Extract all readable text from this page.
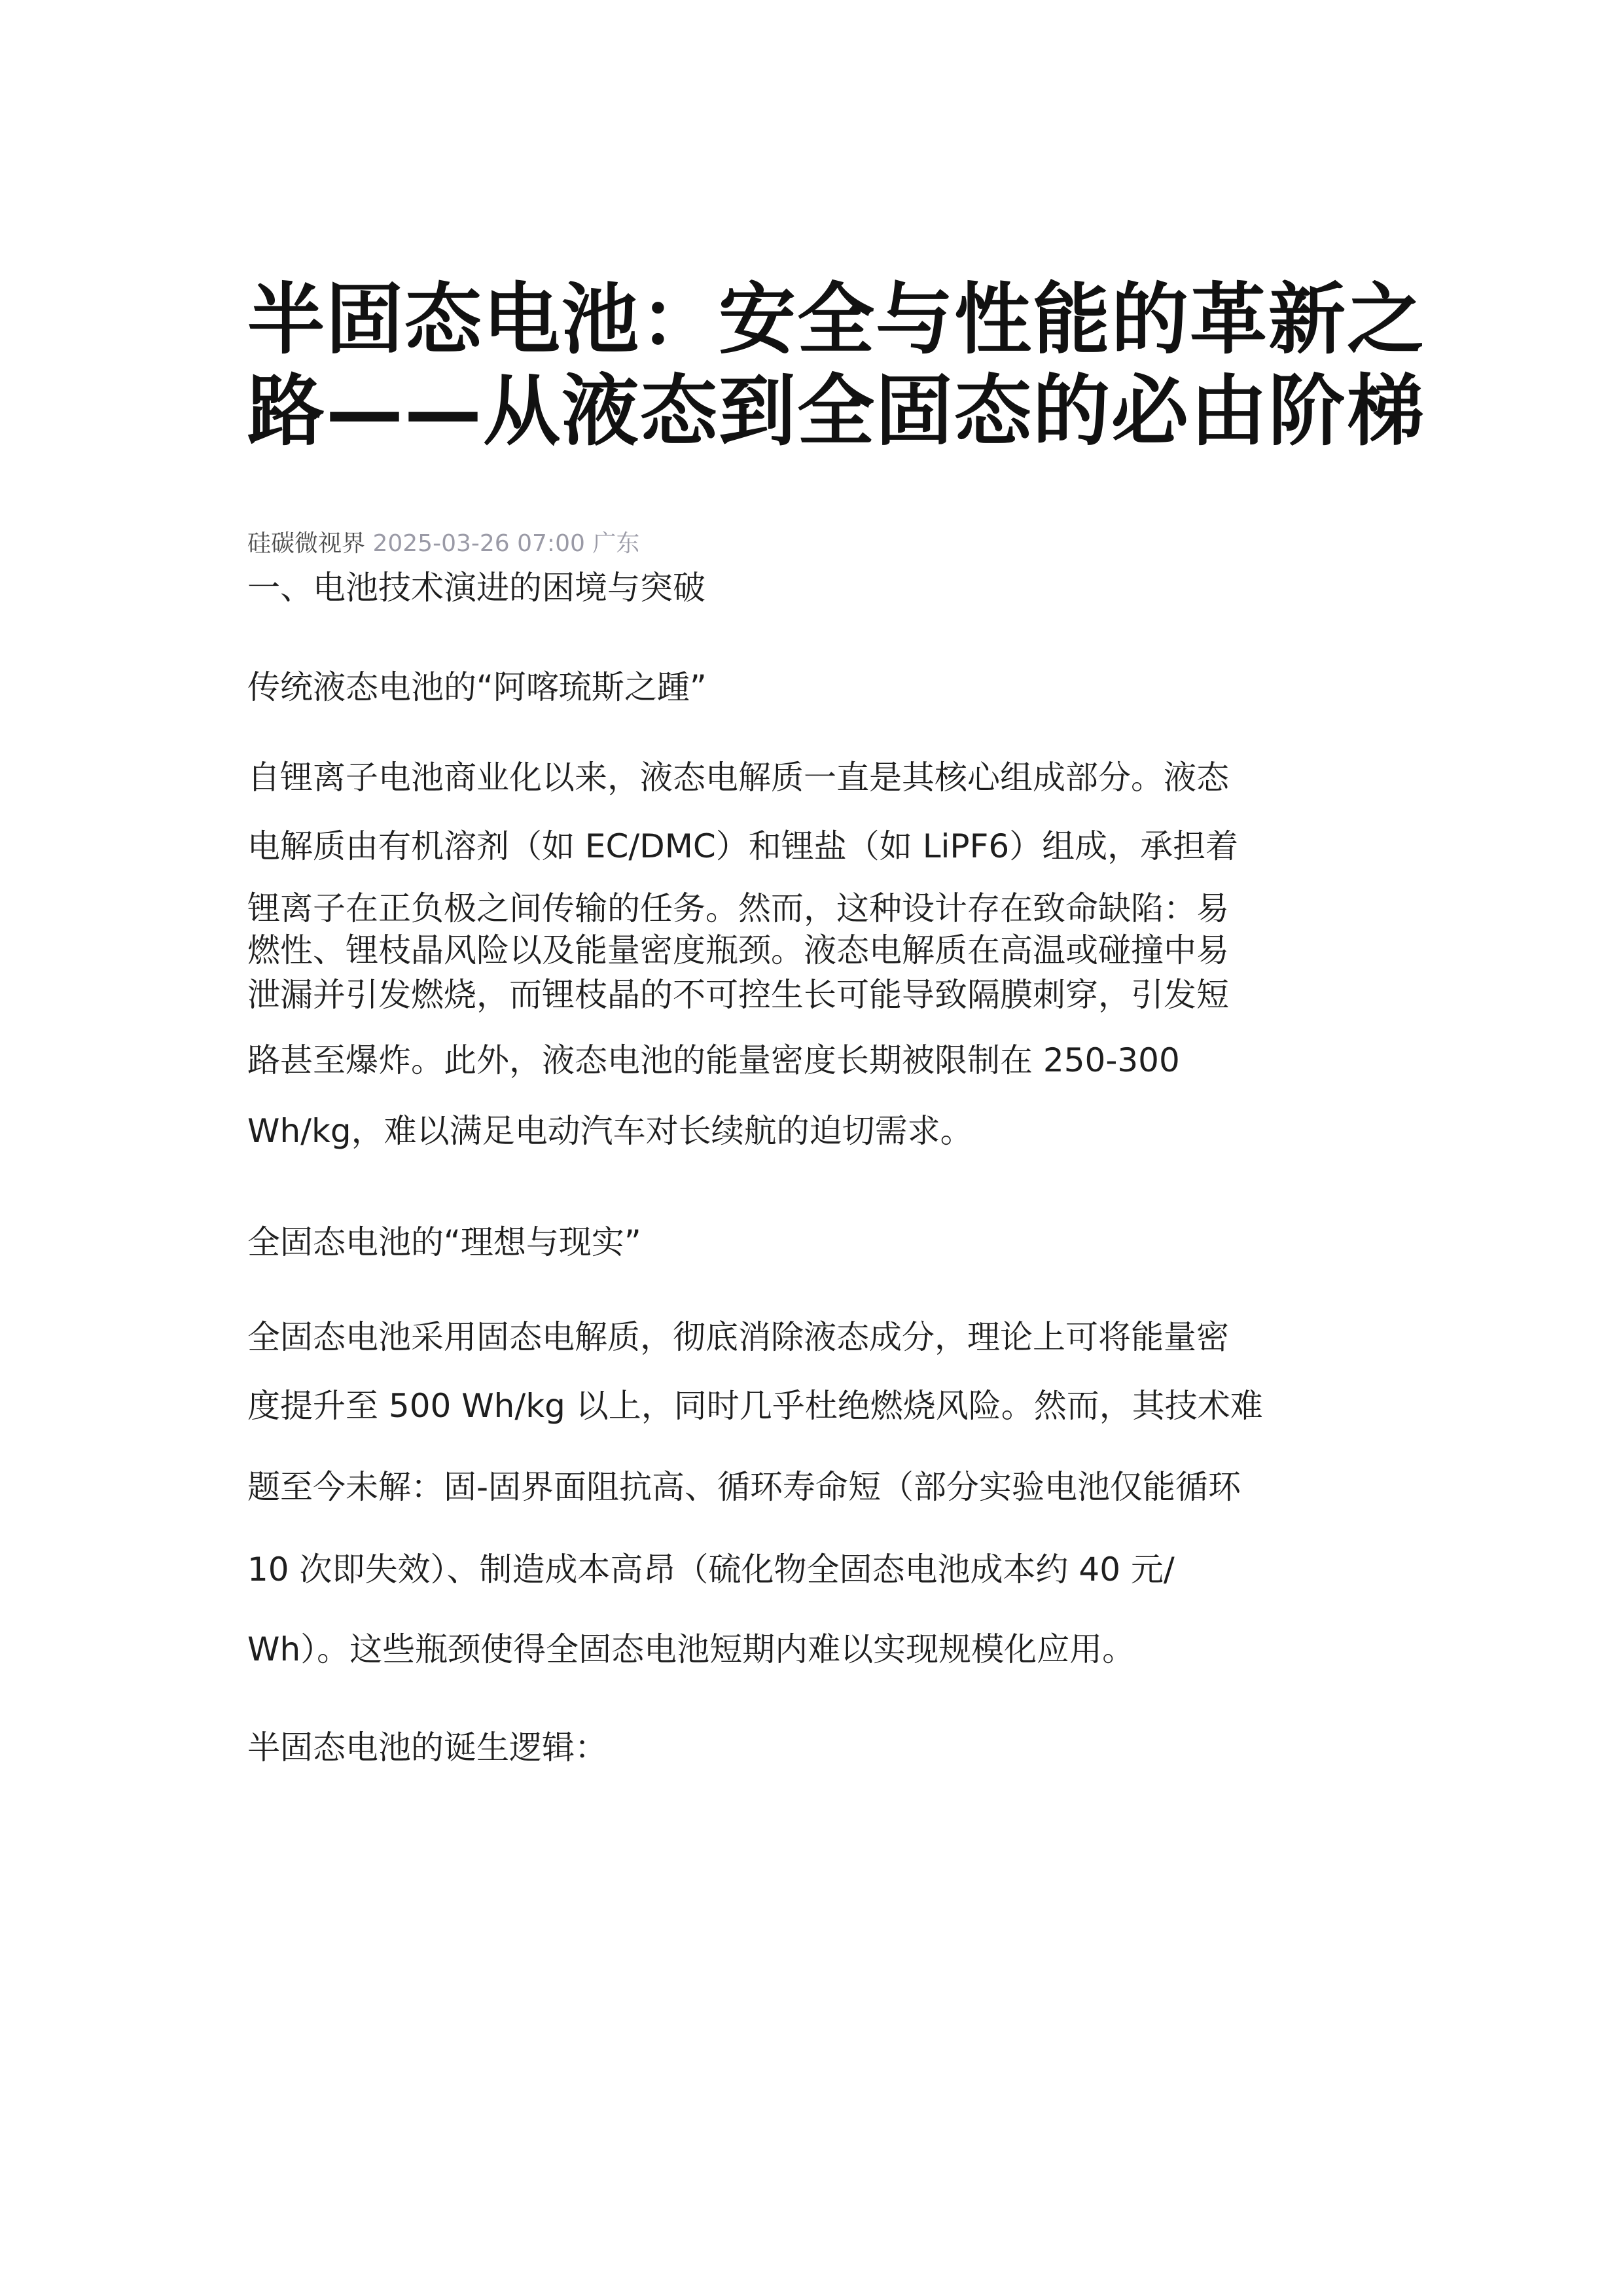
半固态电池：安全与性能的革新之
路——从液态到全固态的必由阶梯
硅碳微视界 2025-03-26 07:00 广东
一、电池技术演进的困境与突破
传统液态电池的“阿喀琉斯之踵”
自锂离子电池商业化以来，液态电解质一直是其核心组成部分。液态
电解质由有机溶剂（如 EC/DMC）和锂盐（如 LiPF6）组成，承担着
锂离子在正负极之间传输的任务。然而，这种设计存在致命缺陷：易
燃性、锂枝晶风险以及能量密度瓶颈。液态电解质在高温或碰撞中易
泄漏并引发燃烧，而锂枝晶的不可控生长可能导致隔膜刺穿，引发短
路甚至爆炸。此外，液态电池的能量密度长期被限制在 250-300
Wh/kg，难以满足电动汽车对长续航的迫切需求。
全固态电池的“理想与现实”
全固态电池采用固态电解质，彻底消除液态成分，理论上可将能量密
度提升至 500 Wh/kg 以上，同时几乎杜绝燃烧风险。然而，其技术难
题至今未解：固-固界面阻抗高、循环寿命短（部分实验电池仅能循环
10 次即失效）、制造成本高昂（硫化物全固态电池成本约 40 元/
Wh）。这些瓶颈使得全固态电池短期内难以实现规模化应用。
半固态电池的诞生逻辑：
